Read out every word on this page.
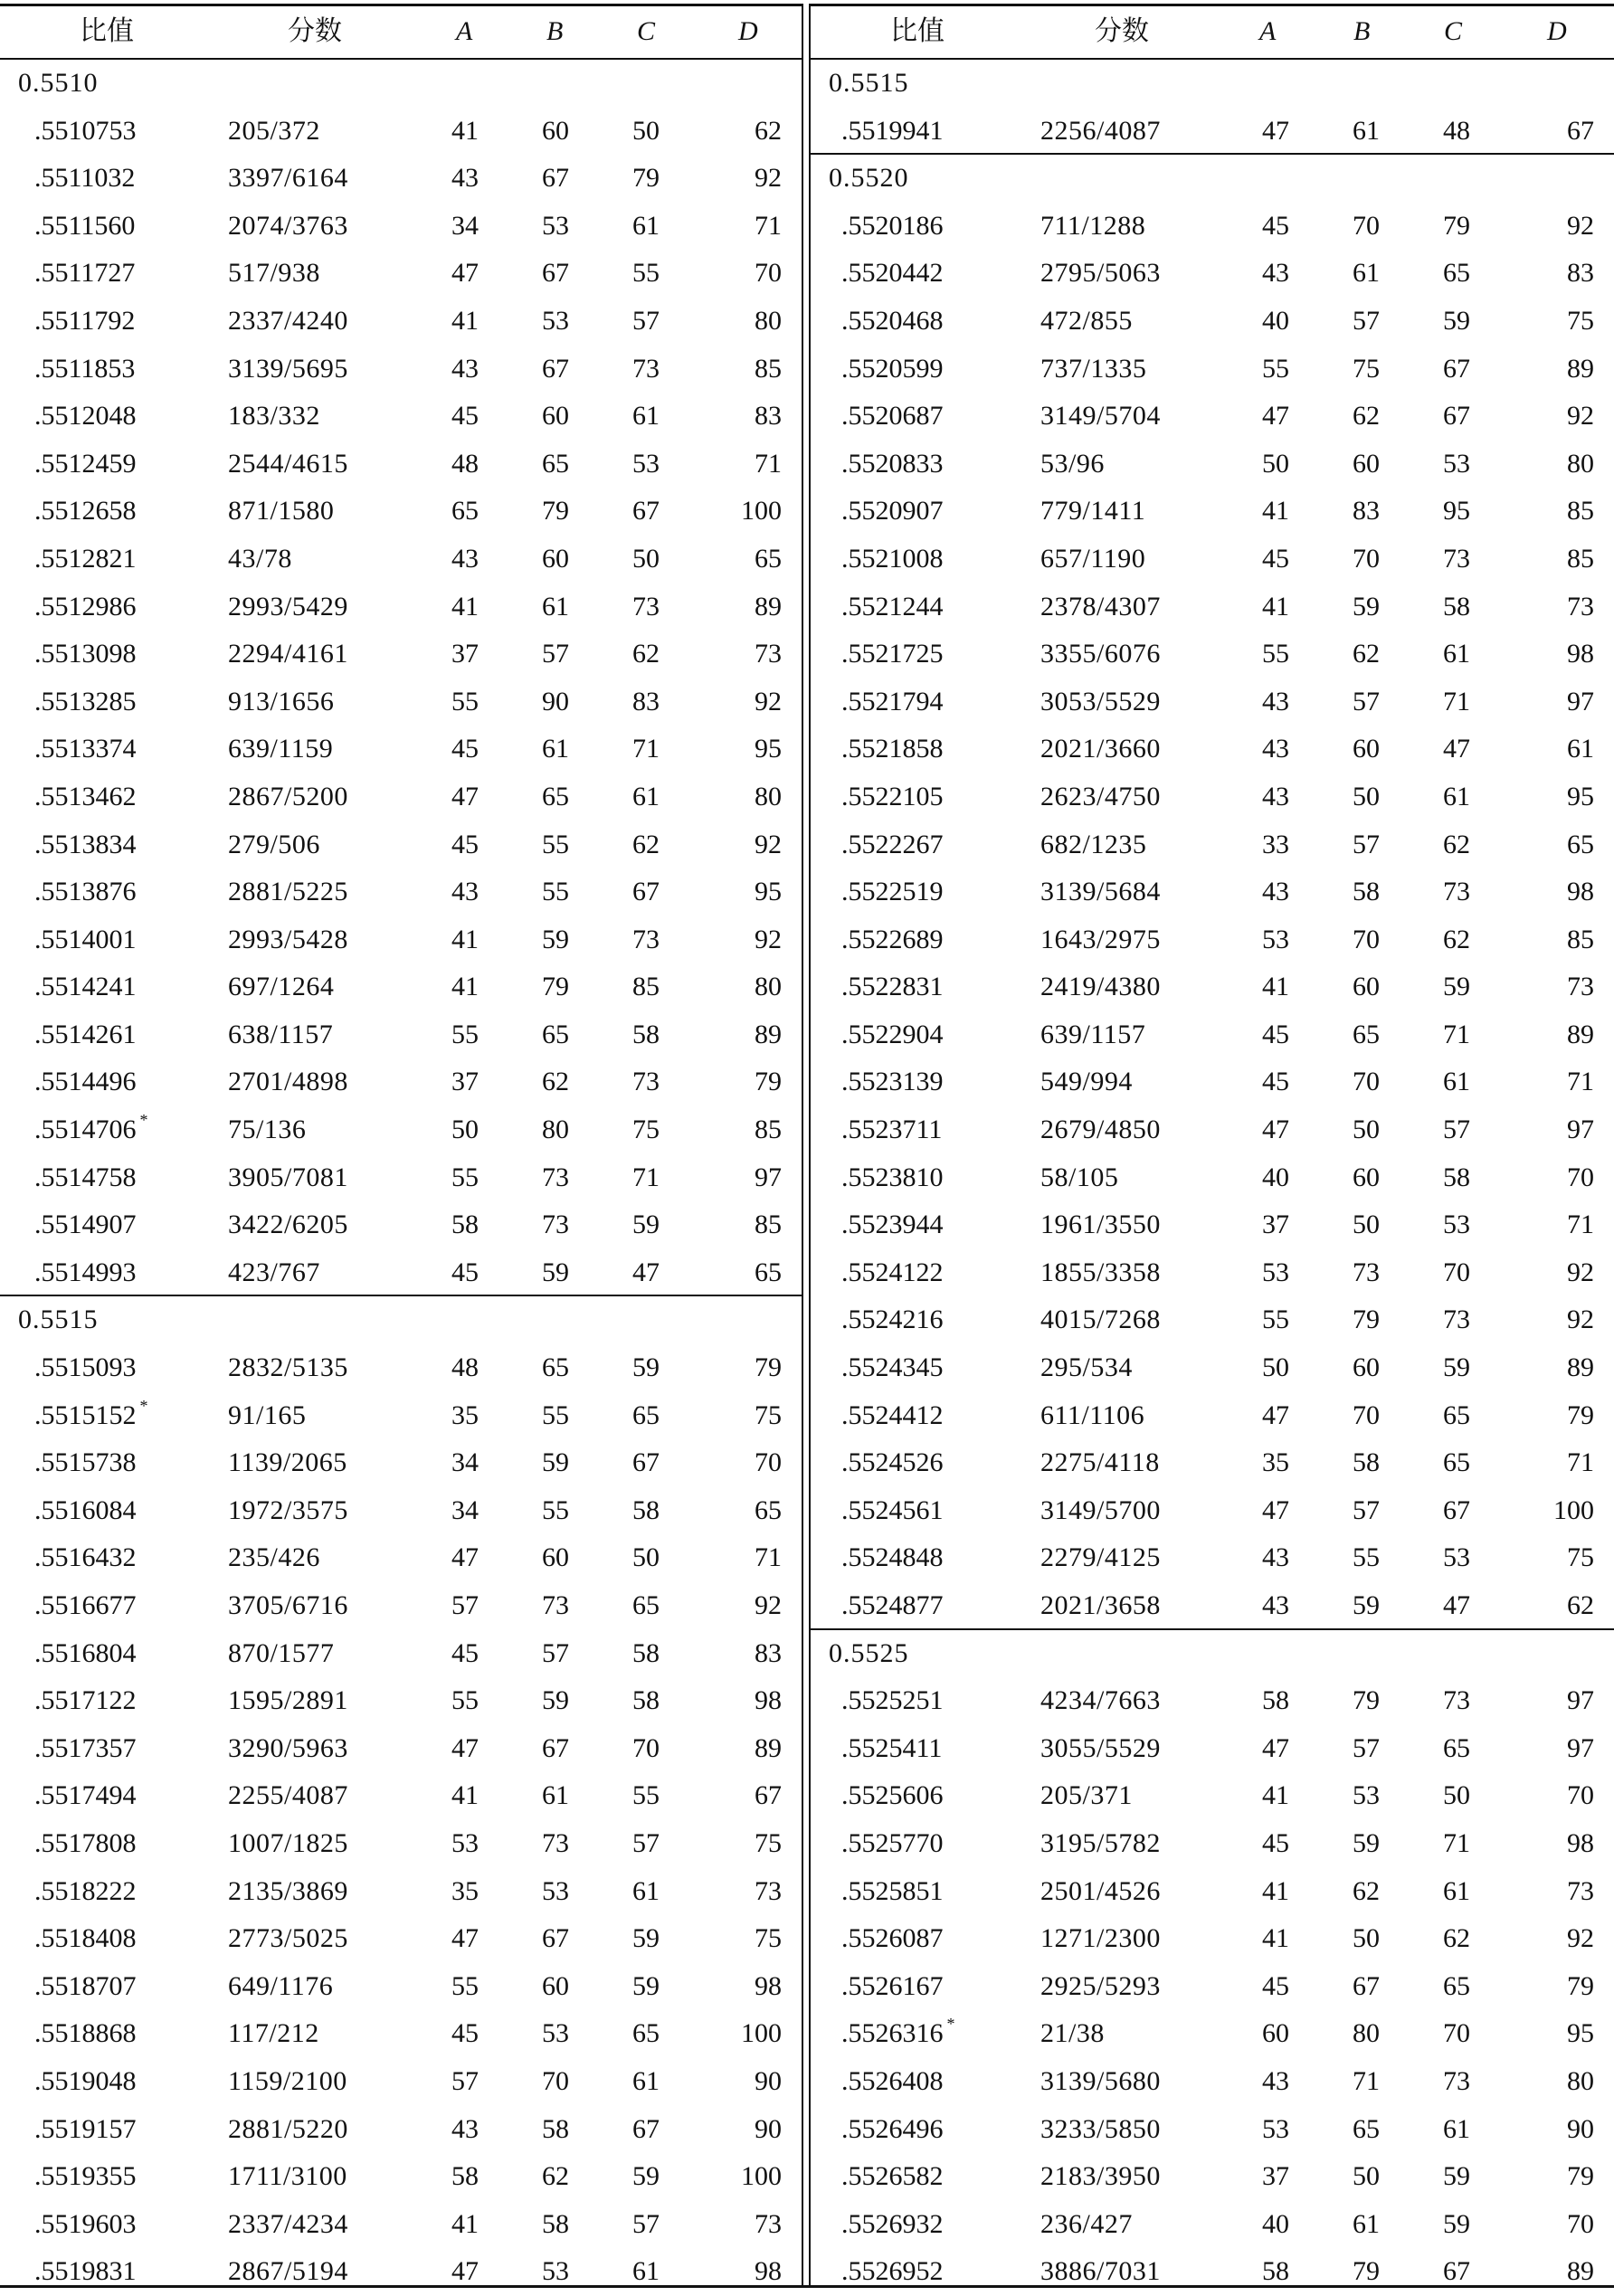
比值	分数	A	B	C	D
0.5510
.5510753	205/372	41 60 50	62
.5511032	3397/6164	43 67 79	92
.5511560	2074/3763	34 53 61	71
.5511727	517/938	47 67 55	70
.5511792	2337/4240	41 53 57	80
.5511853	3139/5695	43 67 73	85
.5512048	183/332	45 60 61	83
.5512459	2544/4615	48 65 53	71
.5512658	871/1580	65 79 67	100
.5512821	43/78	43 60 50	65
.5512986	2993/5429	41 61 73	89
.5513098	2294/4161	37 57 62	73
.5513285	913/1656	55 90 83	92
.5513374	639/1159	45 61 71	95
.5513462	2867/5200	47 65 61	80
.5513834	279/506	45 55 62	92
.5513876	2881/5225	43 55 67	95
.5514001	2993/5428	41 59 73	92
.5514241	697/1264	41 79 85	80
.5514261	638/1157	55 65 58	89
.5514496	2701/4898	37 62 73	79
.5514706 *	75/136	50 80 75	85
.5514758	3905/7081	55 73 71	97
.5514907	3422/6205	58 73 59	85
.5514993	423/767	45 59 47	65
0.5515
.5515093	2832/5135	48 65 59	79
.5515152 *	91/165	35 55 65	75
.5515738	1139/2065	34 59 67	70
.5516084	1972/3575	34 55 58	65
.5516432	235/426	47 60 50	71
.5516677	3705/6716	57 73 65	92
.5516804	870/1577	45 57 58	83
.5517122	1595/2891	55 59 58	98
.5517357	3290/5963	47 67 70	89
.5517494	2255/4087	41 61 55	67
.5517808	1007/1825	53 73 57	75
.5518222	2135/3869	35 53 61	73
.5518408	2773/5025	47 67 59	75
.5518707	649/1176	55 60 59	98
.5518868	117/212	45 53 65	100
.5519048	1159/2100	57 70 61	90
.5519157	2881/5220	43 58 67	90
.5519355	1711/3100	58 62 59	100
.5519603	2337/4234	41 58 57	73
.5519831	2867/5194	47 53 61	98
比值	分数	A	B	C	D
0.5515
.5519941	2256/4087	47 61 48	67
0.5520
.5520186	711/1288	45 70 79	92
.5520442	2795/5063	43 61 65	83
.5520468	472/855	40 57 59	75
.5520599	737/1335	55 75 67	89
.5520687	3149/5704	47 62 67	92
.5520833	53/96	50 60 53	80
.5520907	779/1411	41 83 95	85
.5521008	657/1190	45 70 73	85
.5521244	2378/4307	41 59 58	73
.5521725	3355/6076	55 62 61	98
.5521794	3053/5529	43 57 71	97
.5521858	2021/3660	43 60 47	61
.5522105	2623/4750	43 50 61	95
.5522267	682/1235	33 57 62	65
.5522519	3139/5684	43 58 73	98
.5522689	1643/2975	53 70 62	85
.5522831	2419/4380	41 60 59	73
.5522904	639/1157	45 65 71	89
.5523139	549/994	45 70 61	71
.5523711	2679/4850	47 50 57	97
.5523810	58/105	40 60 58	70
.5523944	1961/3550	37 50 53	71
.5524122	1855/3358	53 73 70	92
.5524216	4015/7268	55 79 73	92
.5524345	295/534	50 60 59	89
.5524412	611/1106	47 70 65	79
.5524526	2275/4118	35 58 65	71
.5524561	3149/5700	47 57 67	100
.5524848	2279/4125	43 55 53	75
.5524877	2021/3658	43 59 47	62
0.5525
.5525251	4234/7663	58 79 73	97
.5525411	3055/5529	47 57 65	97
.5525606	205/371	41 53 50	70
.5525770	3195/5782	45 59 71	98
.5525851	2501/4526	41 62 61	73
.5526087	1271/2300	41 50 62	92
.5526167	2925/5293	45 67 65	79
.5526316 *	21/38	60 80 70	95
.5526408	3139/5680	43 71 73	80
.5526496	3233/5850	53 65 61	90
.5526582	2183/3950	37 50 59	79
.5526932	236/427	40 61 59	70
.5526952	3886/7031	58 79 67	89
